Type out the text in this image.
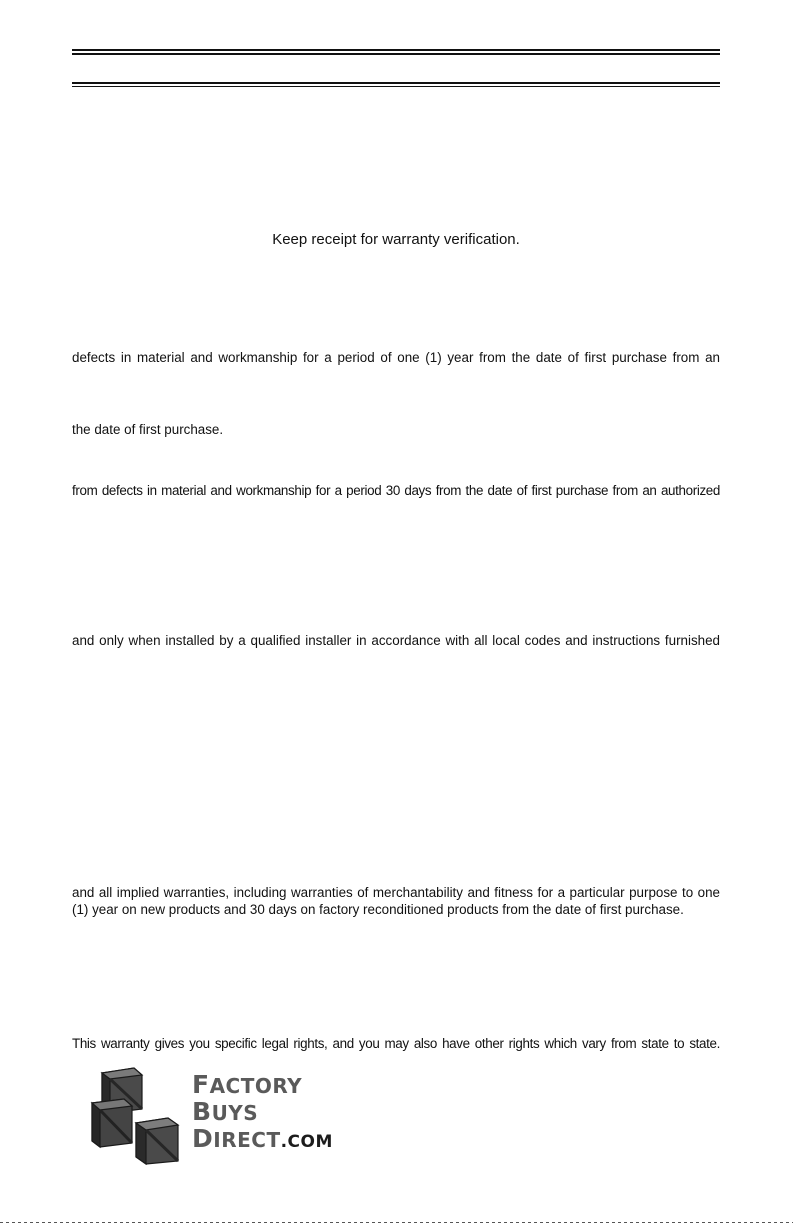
Keep receipt for warranty verification.
defects in material and workmanship for a period of one (1) year from the date of first purchase from an
the date of first purchase.
from defects in material and workmanship for a period 30 days from the date of first purchase from an authorized
and only when installed by a qualified installer in accordance with all local codes and instructions furnished
and all implied warranties, including warranties of merchantability and fitness for a particular purpose to one
(1) year on new products and 30 days on factory reconditioned products from the date of first purchase.
This warranty gives you specific legal rights, and you may also have other rights which vary from state to state.
FACTORY
BUYS
DIRECT.COM
